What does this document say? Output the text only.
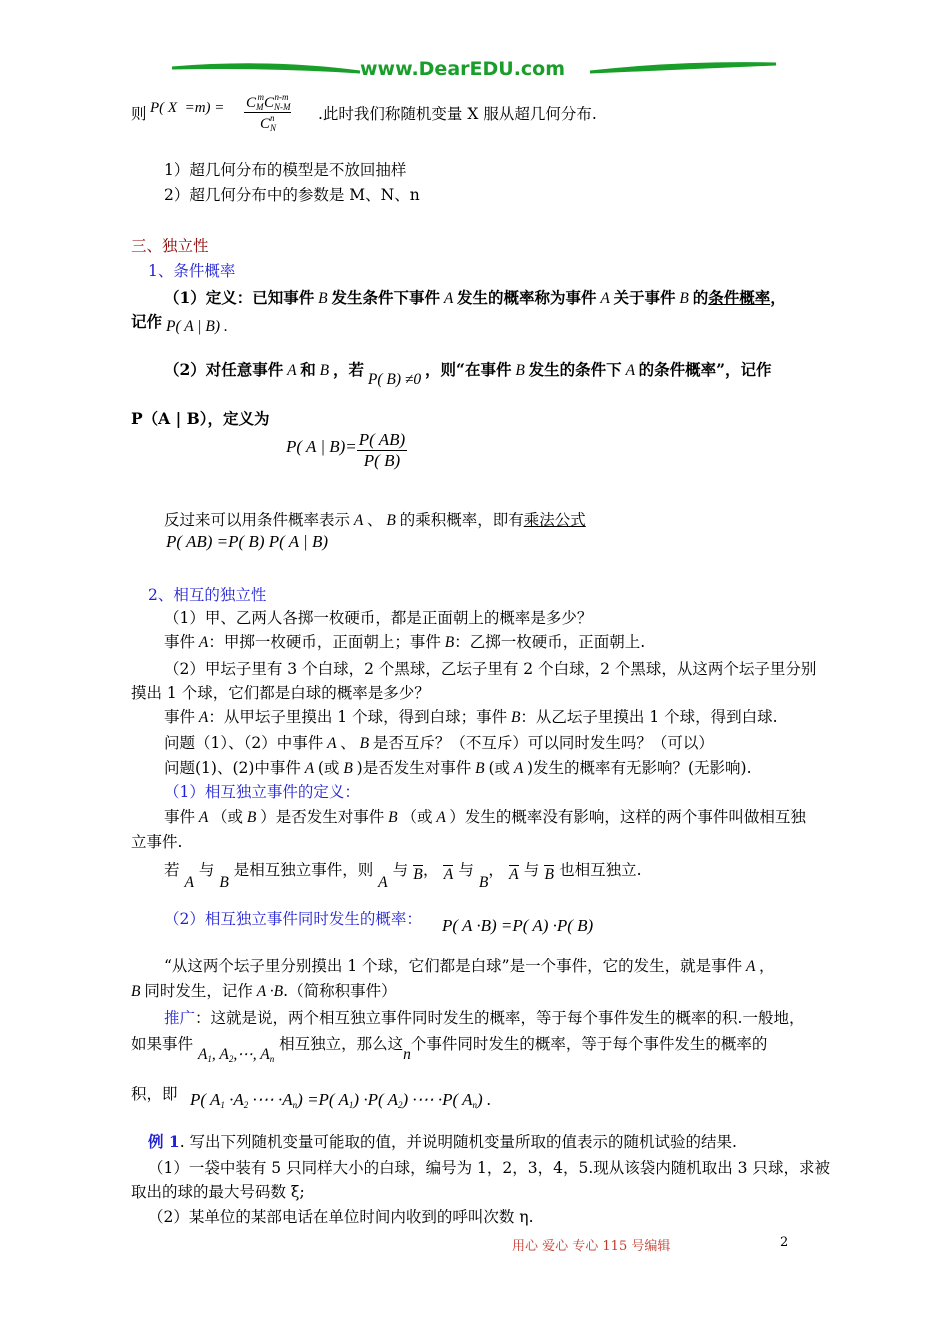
www.DearEDU.com
则 P( $X =m) = \frac{C_M^mC_{N-M}^{n-m}}{C_N^n}$ .此时我们称随机变量 X 服从超几何分布.
1）超几何分布的模型是不放回抽样
2）超几何分布中的参数是 M、N、n
三、独立性
1、条件概率
（1）定义：已知事件 B 发生条件下事件 A 发生的概率称为事件 A 关于事件 B 的条件概率，
记作 P( A | B) .
（2）对任意事件 A 和 B ，若 P( B) ≠0 ，则“在事件 B 发生的条件下 A 的条件概率”，记作
P（A | B），定义为
P( A | $B)= \frac{P( AB)}{P( B)}$
反过来可以用条件概率表示 A 、 B 的乘积概率，即有乘法公式
P( AB) =P( B) P( A | B)
2、相互的独立性
（1）甲、乙两人各掷一枚硬币，都是正面朝上的概率是多少？
事件 A：甲掷一枚硬币，正面朝上；事件 B：乙掷一枚硬币，正面朝上.
（2）甲坛子里有 3 个白球，2 个黑球，乙坛子里有 2 个白球，2 个黑球，从这两个坛子里分别
摸出 1 个球，它们都是白球的概率是多少？
事件 A：从甲坛子里摸出 1 个球，得到白球；事件 B：从乙坛子里摸出 1 个球，得到白球.
问题（1）、（2）中事件 A 、 B 是否互斥？（不互斥）可以同时发生吗？（可以）
问题(1)、(2)中事件 A (或 B )是否发生对事件 B (或 A )发生的概率有无影响？(无影响).
（1）相互独立事件的定义：
事件 A （或 B ）是否发生对事件 B （或 A ）发生的概率没有影响，这样的两个事件叫做相互独
立事件.
若 A 与 B 是相互独立事件，则 A 与 B， A 与 B， A 与 B 也相互独立.
（2）相互独立事件同时发生的概率： P( A ·B) =P( A) ·P( B)
“从这两个坛子里分别摸出 1 个球，它们都是白球”是一个事件，它的发生，就是事件 A ，
B 同时发生，记作 A ·B.（简称积事件）
推广：这就是说，两个相互独立事件同时发生的概率，等于每个事件发生的概率的积.一般地，
如果事件 $A_1$, $A_2,\cdots$, $A_n$ 相互独立，那么这n个事件同时发生的概率，等于每个事件发生的概率的
积，即 P( $A_1 \cdot A_2$ ·⋯ $\cdot A_n) =P$( $A_1) \cdot P$( $A_2$) ·⋯ ·P( $A_n$) .
例 1. 写出下列随机变量可能取的值，并说明随机变量所取的值表示的随机试验的结果.
（1）一袋中装有 5 只同样大小的白球，编号为 1，2，3，4，5.现从该袋内随机取出 3 只球，求被
取出的球的最大号码数 ξ;
（2）某单位的某部电话在单位时间内收到的呼叫次数 η.
用心 爱心 专心 115 号编辑	2
